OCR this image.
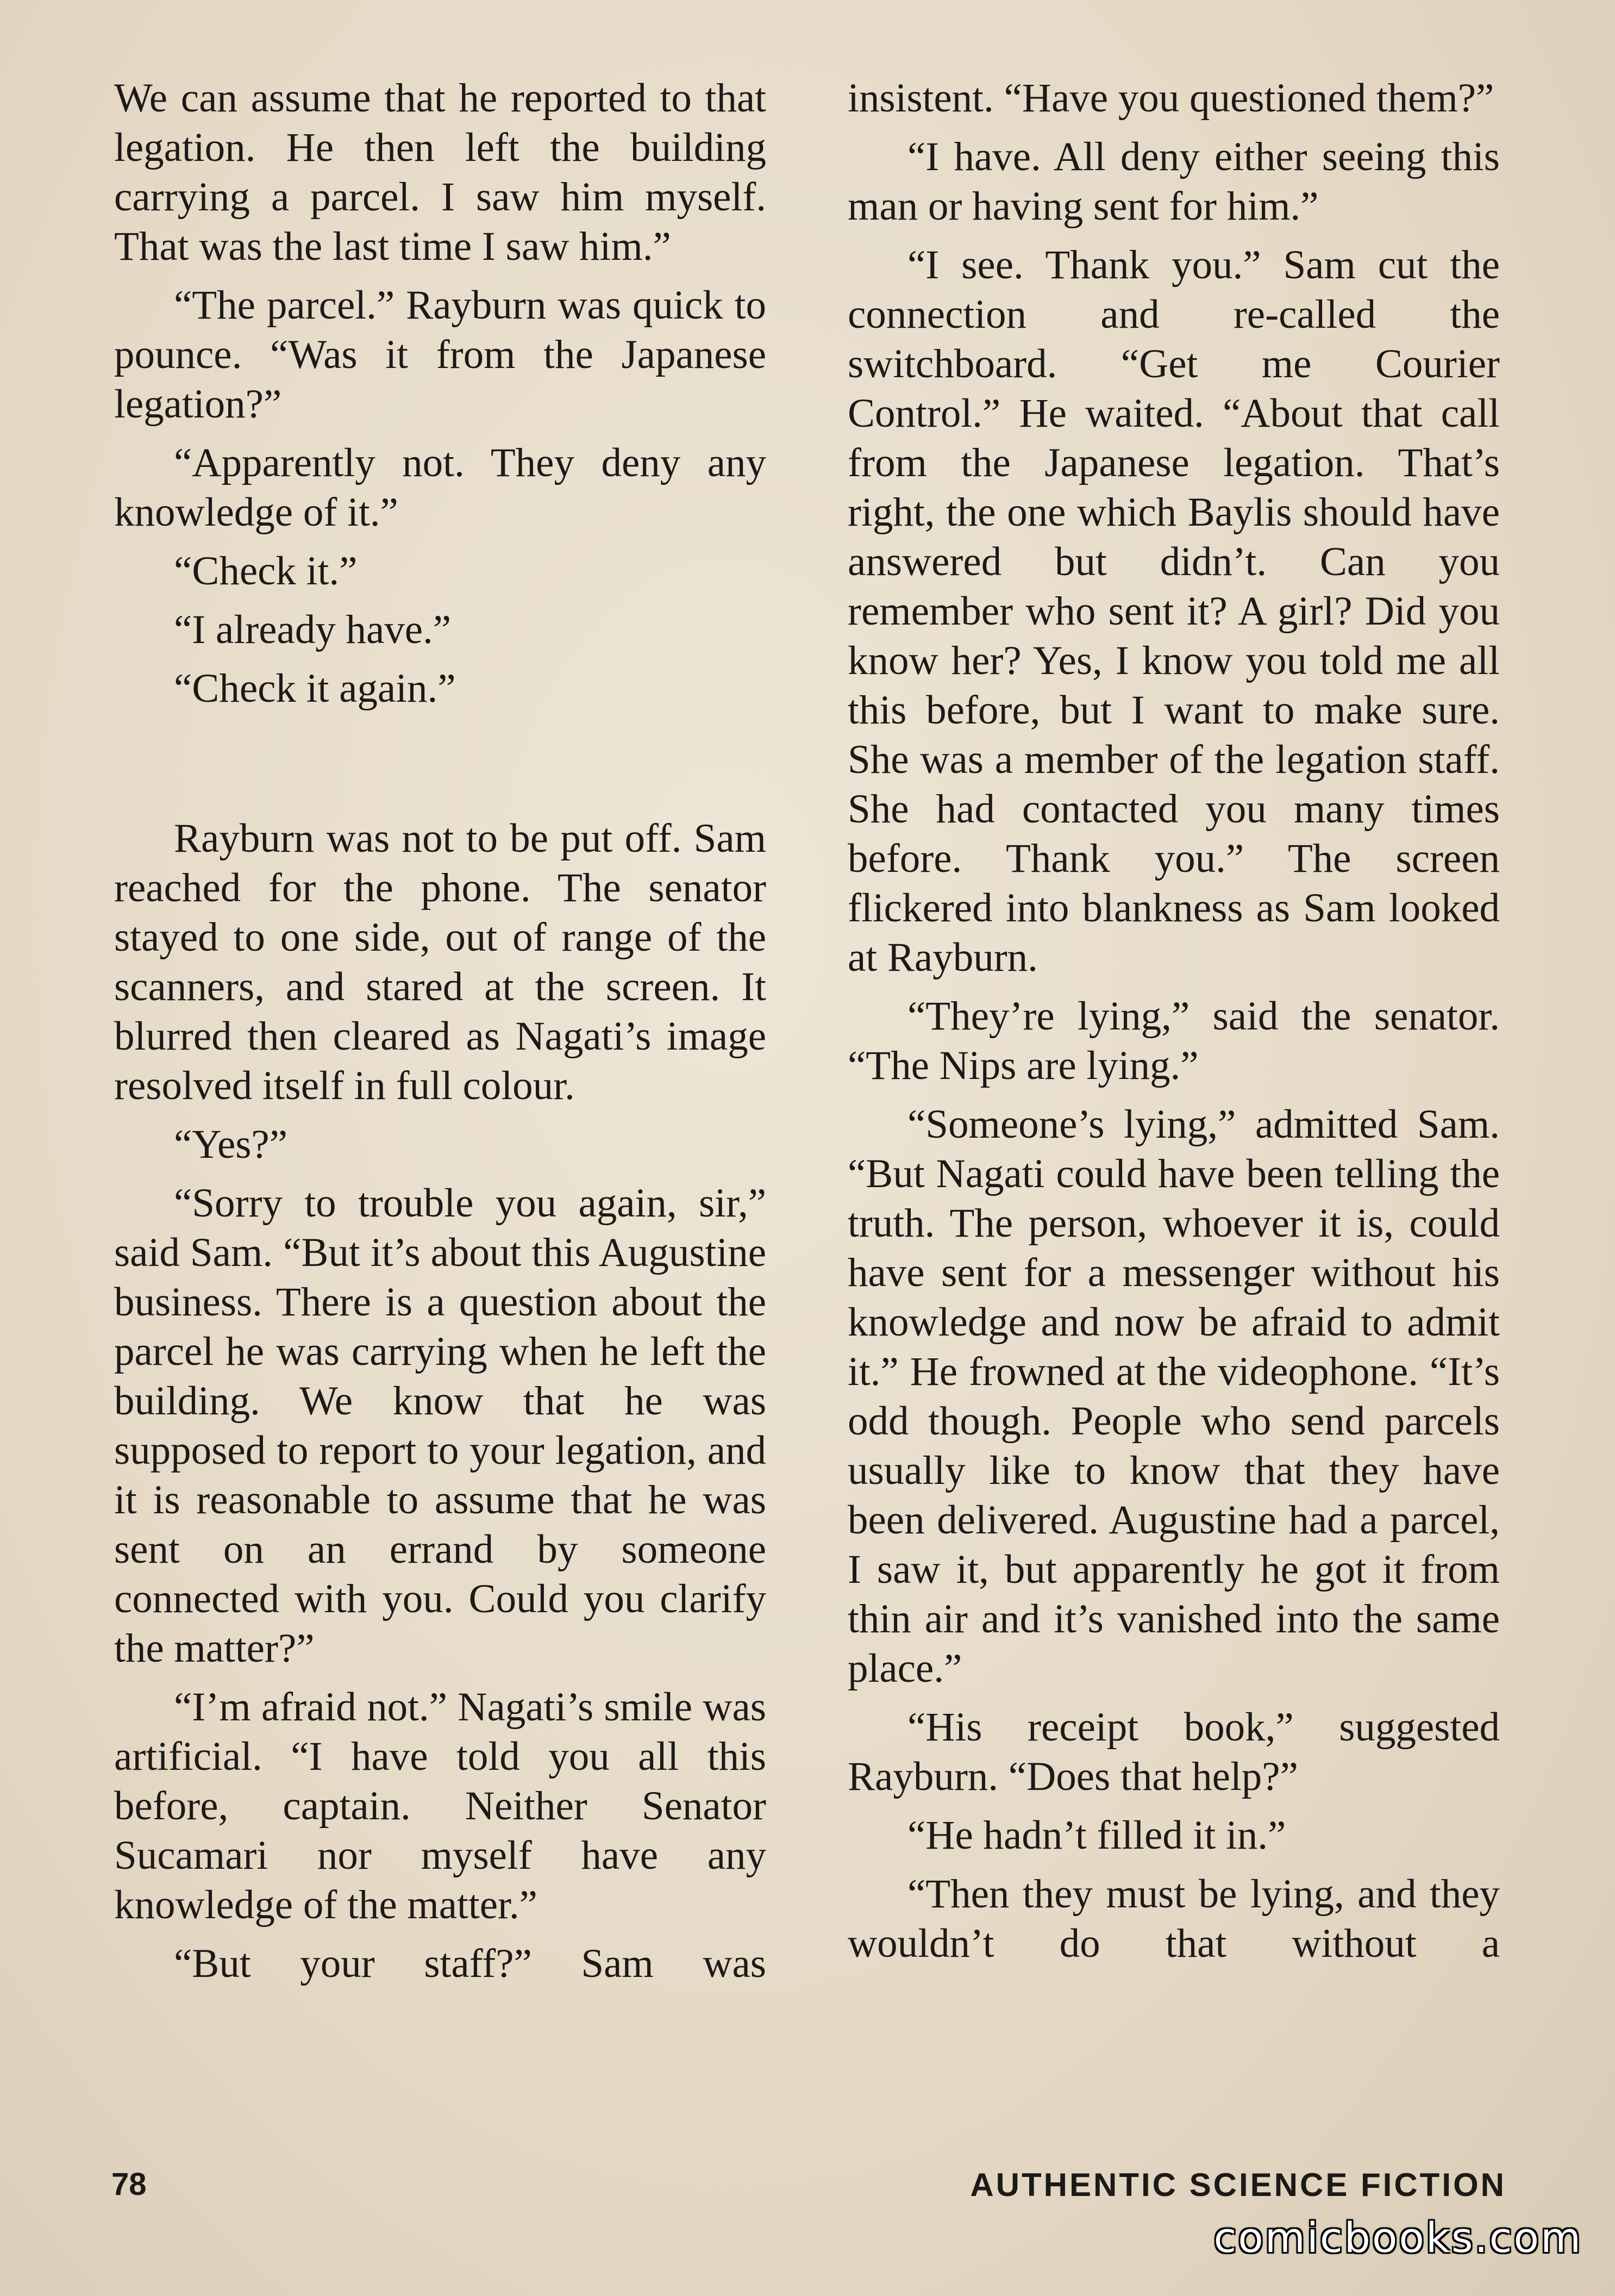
We can assume that he reported to that legation. He then left the building carrying a parcel. I saw him myself. That was the last time I saw him.”

“The parcel.” Rayburn was quick to pounce. “Was it from the Japanese legation?”

“Apparently not. They deny any knowledge of it.”

“Check it.”

“I already have.”

“Check it again.”

Rayburn was not to be put off. Sam reached for the phone. The senator stayed to one side, out of range of the scanners, and stared at the screen. It blurred then cleared as Nagati’s image resolved itself in full colour.

“Yes?”

“Sorry to trouble you again, sir,” said Sam. “But it’s about this Augustine business. There is a question about the parcel he was carrying when he left the building. We know that he was supposed to report to your legation, and it is reasonable to assume that he was sent on an errand by someone connected with you. Could you clarify the matter?”

“I’m afraid not.” Nagati’s smile was artificial. “I have told you all this before, captain. Neither Senator Sucamari nor myself have any knowledge of the matter.”

“But your staff?” Sam was

insistent. “Have you questioned them?”

“I have. All deny either seeing this man or having sent for him.”

“I see. Thank you.” Sam cut the connection and re-called the switchboard. “Get me Courier Control.” He waited. “About that call from the Japanese legation. That’s right, the one which Baylis should have answered but didn’t. Can you remember who sent it? A girl? Did you know her? Yes, I know you told me all this before, but I want to make sure. She was a member of the legation staff. She had contacted you many times before. Thank you.” The screen flickered into blankness as Sam looked at Rayburn.

“They’re lying,” said the senator. “The Nips are lying.”

“Someone’s lying,” admitted Sam. “But Nagati could have been telling the truth. The person, whoever it is, could have sent for a messenger without his knowledge and now be afraid to admit it.” He frowned at the videophone. “It’s odd though. People who send parcels usually like to know that they have been delivered. Augustine had a parcel, I saw it, but apparently he got it from thin air and it’s vanished into the same place.”

“His receipt book,” suggested Rayburn. “Does that help?”

“He hadn’t filled it in.”

“Then they must be lying, and they wouldn’t do that without a

78	AUTHENTIC SCIENCE FICTION
comicbooks.com
